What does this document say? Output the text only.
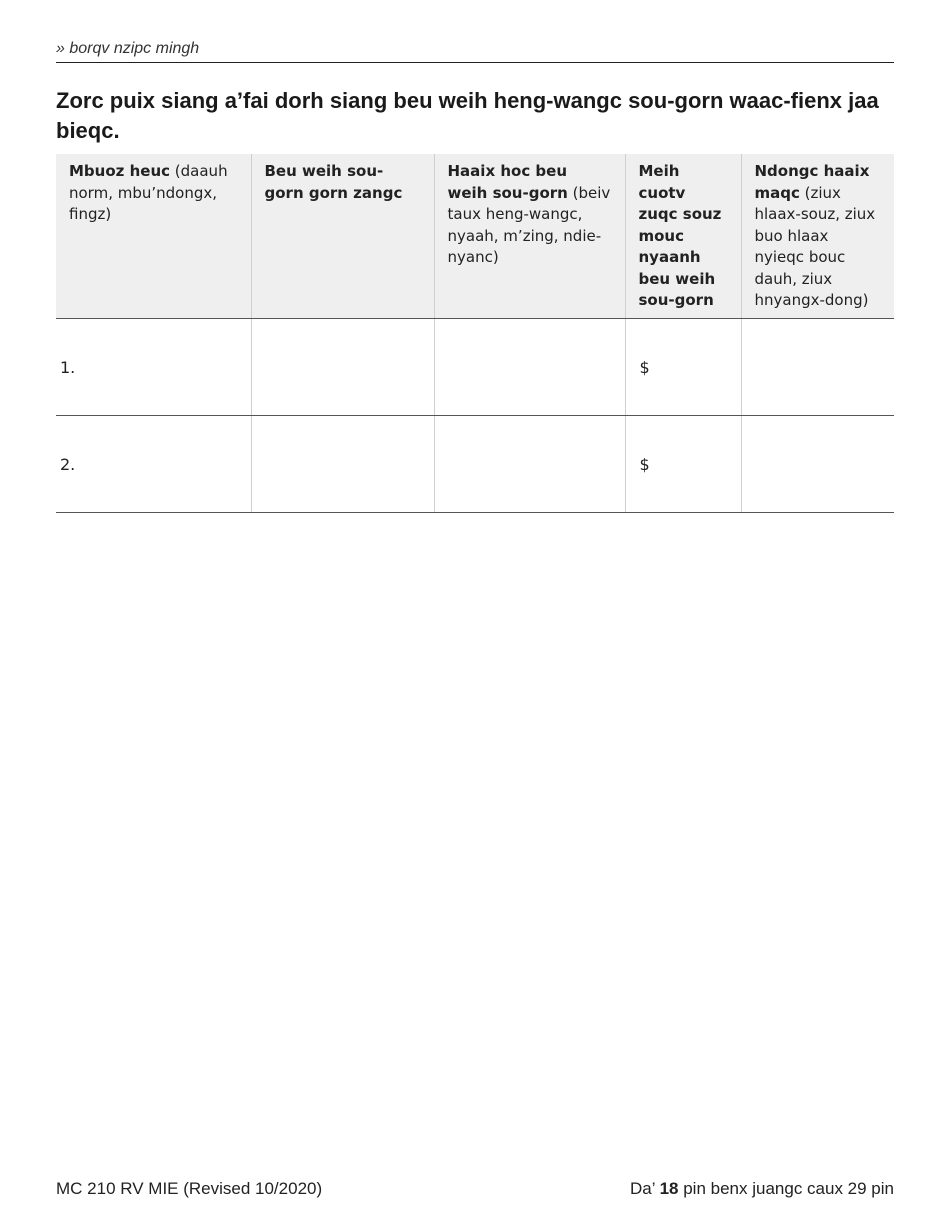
» borqv nzipc mingh
Zorc puix siang a’fai dorh siang beu weih heng-wangc sou-gorn waac-fienx jaa bieqc.
Mbuoz heuc (daauh norm, mbu’ndongx, fingz)	Beu weih sou-gorn gorn zangc	Haaix hoc beu weih sou-gorn (beiv taux heng-wangc, nyaah, m’zing, ndie-nyanc)	Meih cuotv zuqc souz mouc nyaanh beu weih sou-gorn	Ndongc haaix maqc (ziux hlaax-souz, ziux buo hlaax nyieqc bouc dauh, ziux hnyangx-dong)
1.			$	
2.			$	
MC 210 RV MIE (Revised 10/2020)	Da’ 18 pin benx juangc caux 29 pin
